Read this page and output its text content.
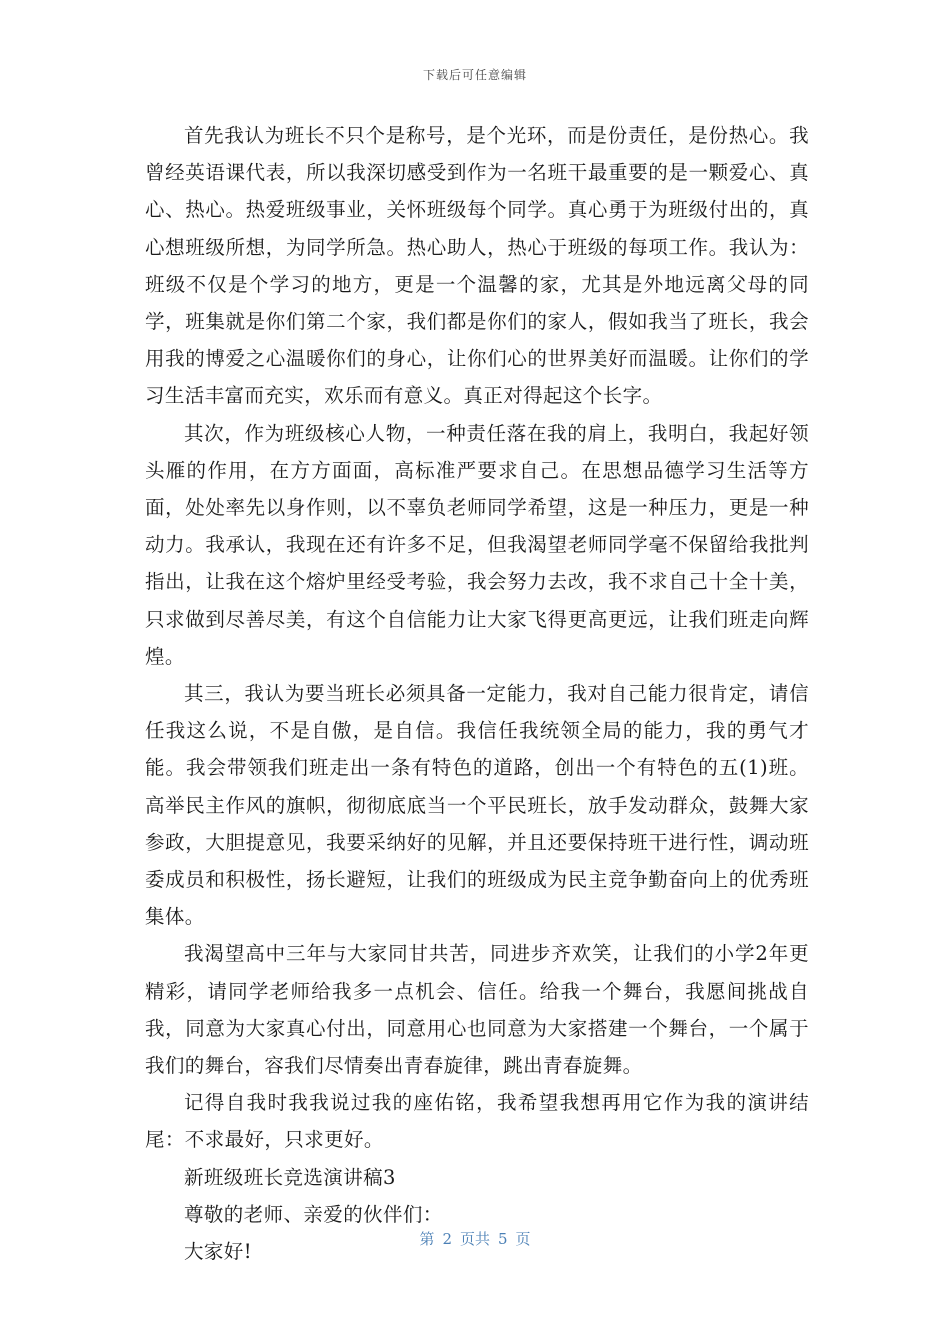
下载后可任意编辑

首先我认为班长不只个是称号，是个光环，而是份责任，是份热心。我曾经英语课代表，所以我深切感受到作为一名班干最重要的是一颗爱心、真心、热心。热爱班级事业，关怀班级每个同学。真心勇于为班级付出的，真心想班级所想，为同学所急。热心助人，热心于班级的每项工作。我认为：班级不仅是个学习的地方，更是一个温馨的家，尤其是外地远离父母的同学，班集就是你们第二个家，我们都是你们的家人，假如我当了班长，我会用我的博爱之心温暖你们的身心，让你们心的世界美好而温暖。让你们的学习生活丰富而充实，欢乐而有意义。真正对得起这个长字。

其次，作为班级核心人物，一种责任落在我的肩上，我明白，我起好领头雁的作用，在方方面面，高标准严要求自己。在思想品德学习生活等方面，处处率先以身作则，以不辜负老师同学希望，这是一种压力，更是一种动力。我承认，我现在还有许多不足，但我渴望老师同学毫不保留给我批判指出，让我在这个熔炉里经受考验，我会努力去改，我不求自己十全十美，只求做到尽善尽美，有这个自信能力让大家飞得更高更远，让我们班走向辉煌。

其三，我认为要当班长必须具备一定能力，我对自己能力很肯定，请信任我这么说，不是自傲，是自信。我信任我统领全局的能力，我的勇气才能。我会带领我们班走出一条有特色的道路，创出一个有特色的五(1)班。高举民主作风的旗帜，彻彻底底当一个平民班长，放手发动群众，鼓舞大家参政，大胆提意见，我要采纳好的见解，并且还要保持班干进行性，调动班委成员和积极性，扬长避短，让我们的班级成为民主竞争勤奋向上的优秀班集体。

我渴望高中三年与大家同甘共苦，同进步齐欢笑，让我们的小学2年更精彩，请同学老师给我多一点机会、信任。给我一个舞台，我愿间挑战自我，同意为大家真心付出，同意用心也同意为大家搭建一个舞台，一个属于我们的舞台，容我们尽情奏出青春旋律，跳出青春旋舞。

记得自我时我我说过我的座佑铭，我希望我想再用它作为我的演讲结尾：不求最好，只求更好。

新班级班长竞选演讲稿3

尊敬的老师、亲爱的伙伴们：

大家好!

第 2 页共 5 页
